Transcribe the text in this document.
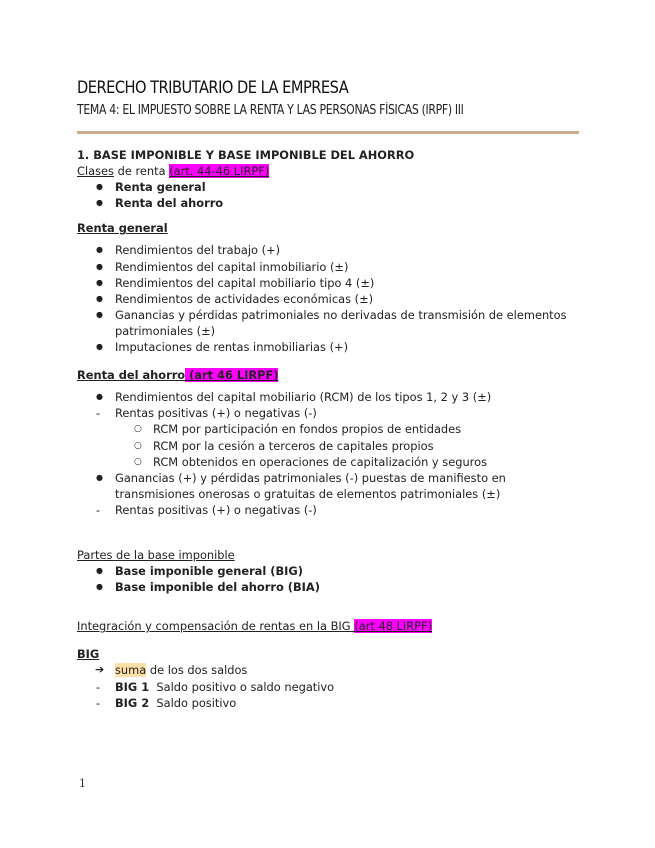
DERECHO TRIBUTARIO DE LA EMPRESA
TEMA 4: EL IMPUESTO SOBRE LA RENTA Y LAS PERSONAS FÍSICAS (IRPF) III

1. BASE IMPONIBLE Y BASE IMPONIBLE DEL AHORRO

Clases de renta (art. 44-46 LIRPF)

● Renta general
● Renta del ahorro

Renta general

● Rendimientos del trabajo (+)
● Rendimientos del capital inmobiliario (±)
● Rendimientos del capital mobiliario tipo 4 (±)
● Rendimientos de actividades económicas (±)
● Ganancias y pérdidas patrimoniales no derivadas de transmisión de elementos patrimoniales (±)
● Imputaciones de rentas inmobiliarias (+)

Renta del ahorro (art 46 LIRPF)

● Rendimientos del capital mobiliario (RCM) de los tipos 1, 2 y 3 (±)
- Rentas positivas (+) o negativas (-)
○ RCM por participación en fondos propios de entidades
○ RCM por la cesión a terceros de capitales propios
○ RCM obtenidos en operaciones de capitalización y seguros
● Ganancias (+) y pérdidas patrimoniales (-) puestas de manifiesto en transmisiones onerosas o gratuitas de elementos patrimoniales (±)
- Rentas positivas (+) o negativas (-)

Partes de la base imponible

● Base imponible general (BIG)
● Base imponible del ahorro (BIA)

Integración y compensación de rentas en la BIG (art 48 LIRPF)

BIG

➔ suma de los dos saldos
- BIG 1  Saldo positivo o saldo negativo
- BIG 2  Saldo positivo
1
